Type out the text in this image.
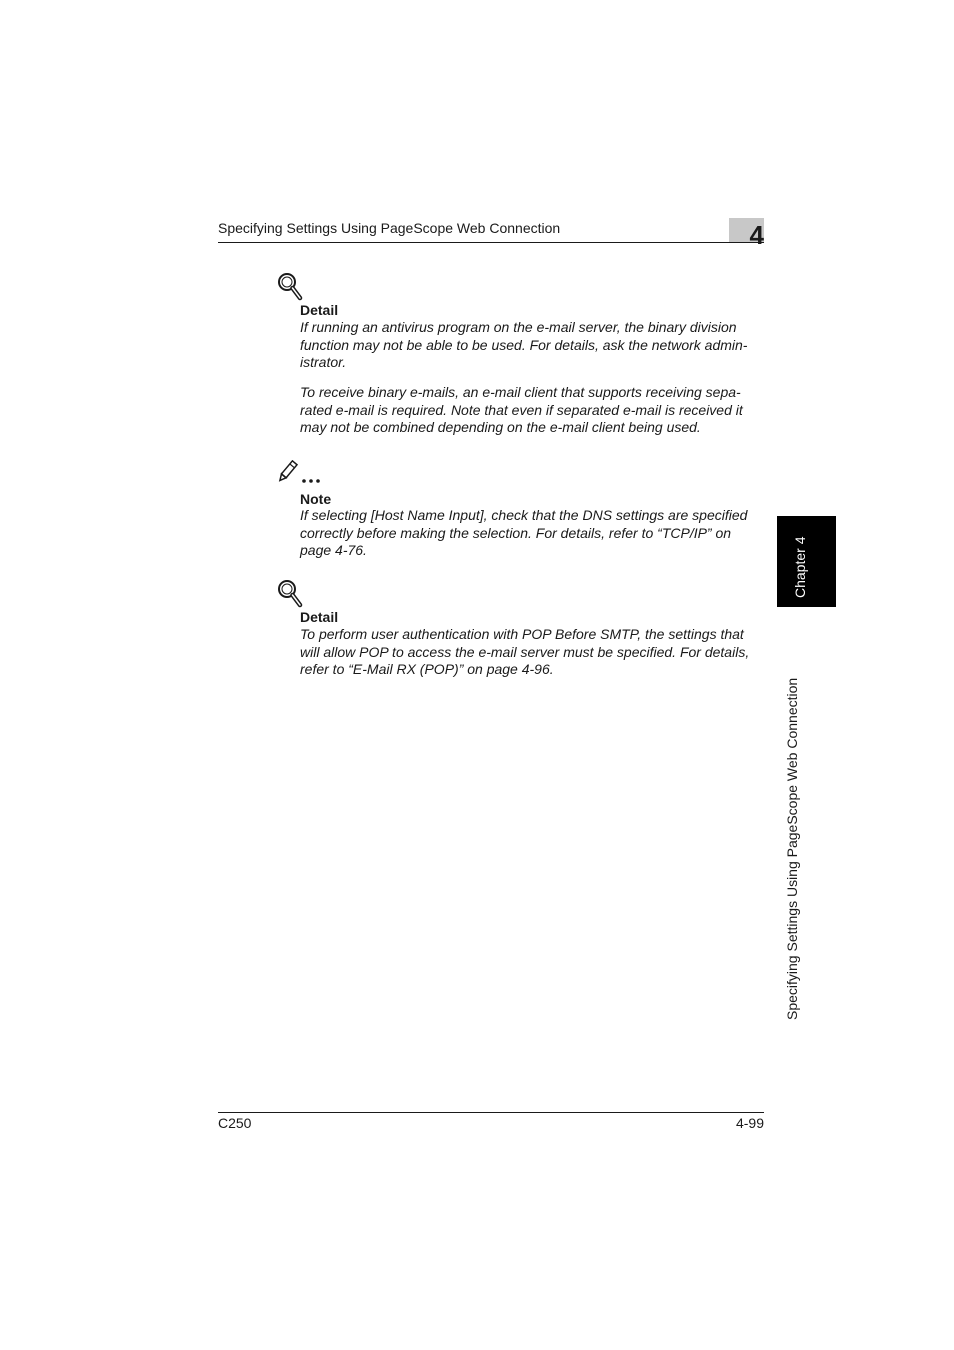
Specifying Settings Using PageScope Web Connection	4
Detail
If running an antivirus program on the e-mail server, the binary division
function may not be able to be used. For details, ask the network admin-
istrator.
To receive binary e-mails, an e-mail client that supports receiving sepa-
rated e-mail is required. Note that even if separated e-mail is received it
may not be combined depending on the e-mail client being used.
Note
If selecting [Host Name Input], check that the DNS settings are specified
correctly before making the selection. For details, refer to “TCP/IP” on
page 4-76.
Detail
To perform user authentication with POP Before SMTP, the settings that
will allow POP to access the e-mail server must be specified. For details,
refer to “E-Mail RX (POP)” on page 4-96.
Chapter 4
Specifying Settings Using PageScope Web Connection
C250	4-99
